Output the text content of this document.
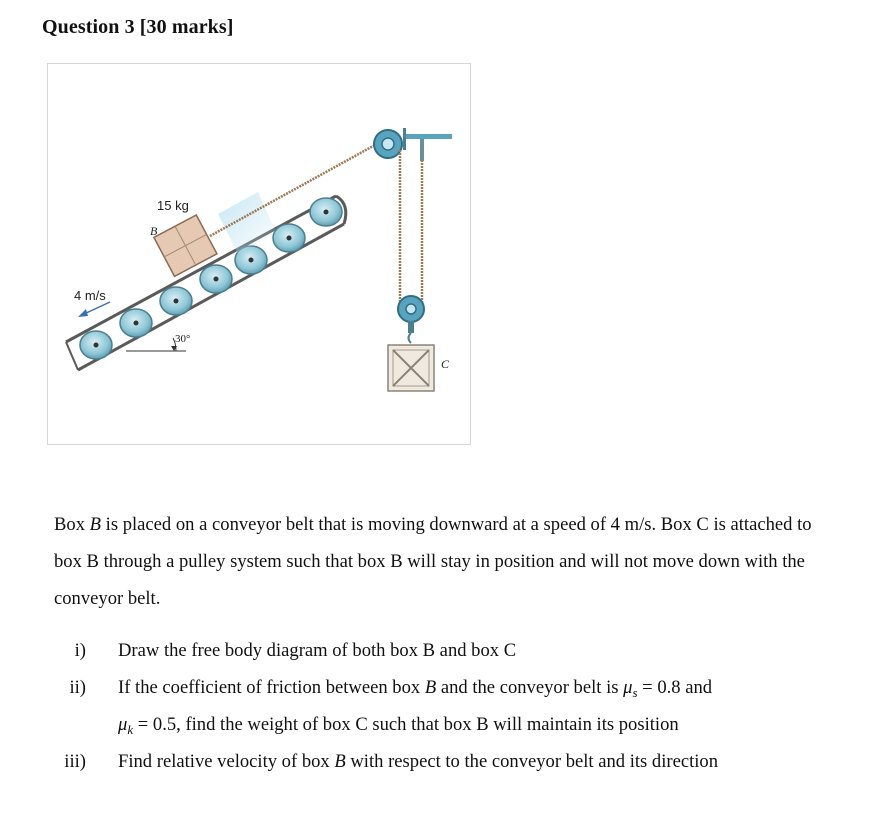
Question 3 [30 marks]
15 kg
B
4 m/s
30°
C
Box B is placed on a conveyor belt that is moving downward at a speed of 4 m/s. Box C is attached to box B through a pulley system such that box B will stay in position and will not move down with the conveyor belt.
i) Draw the free body diagram of both box B and box C
ii) If the coefficient of friction between box B and the conveyor belt is $\mu_s = 0.8$ and
$\mu_k = 0.5$, find the weight of box C such that box B will maintain its position
iii) Find relative velocity of box B with respect to the conveyor belt and its direction
